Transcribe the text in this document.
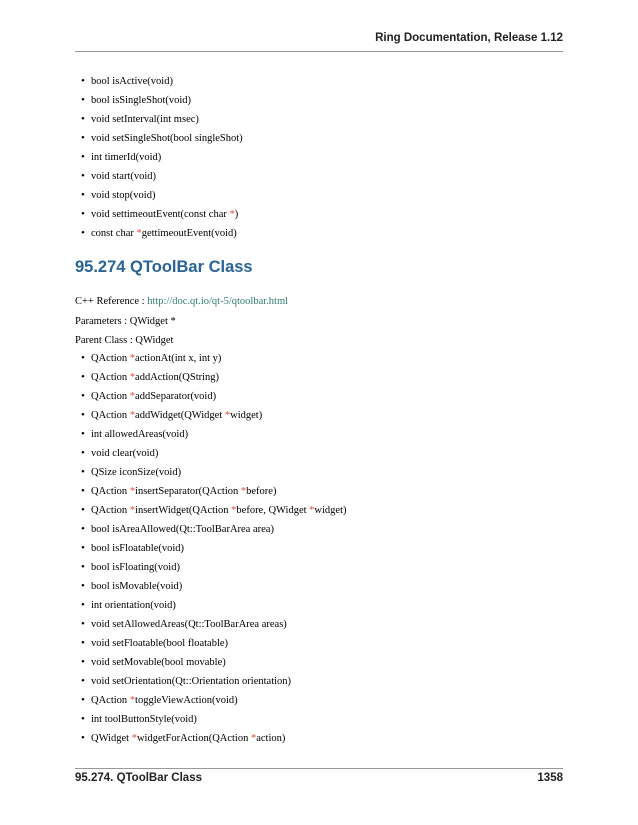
Ring Documentation, Release 1.12
• bool isActive(void)
• bool isSingleShot(void)
• void setInterval(int msec)
• void setSingleShot(bool singleShot)
• int timerId(void)
• void start(void)
• void stop(void)
• void settimeoutEvent(const char *)
• const char *gettimeoutEvent(void)
95.274 QToolBar Class
C++ Reference : http://doc.qt.io/qt-5/qtoolbar.html
Parameters : QWidget *
Parent Class : QWidget
• QAction *actionAt(int x, int y)
• QAction *addAction(QString)
• QAction *addSeparator(void)
• QAction *addWidget(QWidget *widget)
• int allowedAreas(void)
• void clear(void)
• QSize iconSize(void)
• QAction *insertSeparator(QAction *before)
• QAction *insertWidget(QAction *before, QWidget *widget)
• bool isAreaAllowed(Qt::ToolBarArea area)
• bool isFloatable(void)
• bool isFloating(void)
• bool isMovable(void)
• int orientation(void)
• void setAllowedAreas(Qt::ToolBarArea areas)
• void setFloatable(bool floatable)
• void setMovable(bool movable)
• void setOrientation(Qt::Orientation orientation)
• QAction *toggleViewAction(void)
• int toolButtonStyle(void)
• QWidget *widgetForAction(QAction *action)
95.274. QToolBar Class	1358
